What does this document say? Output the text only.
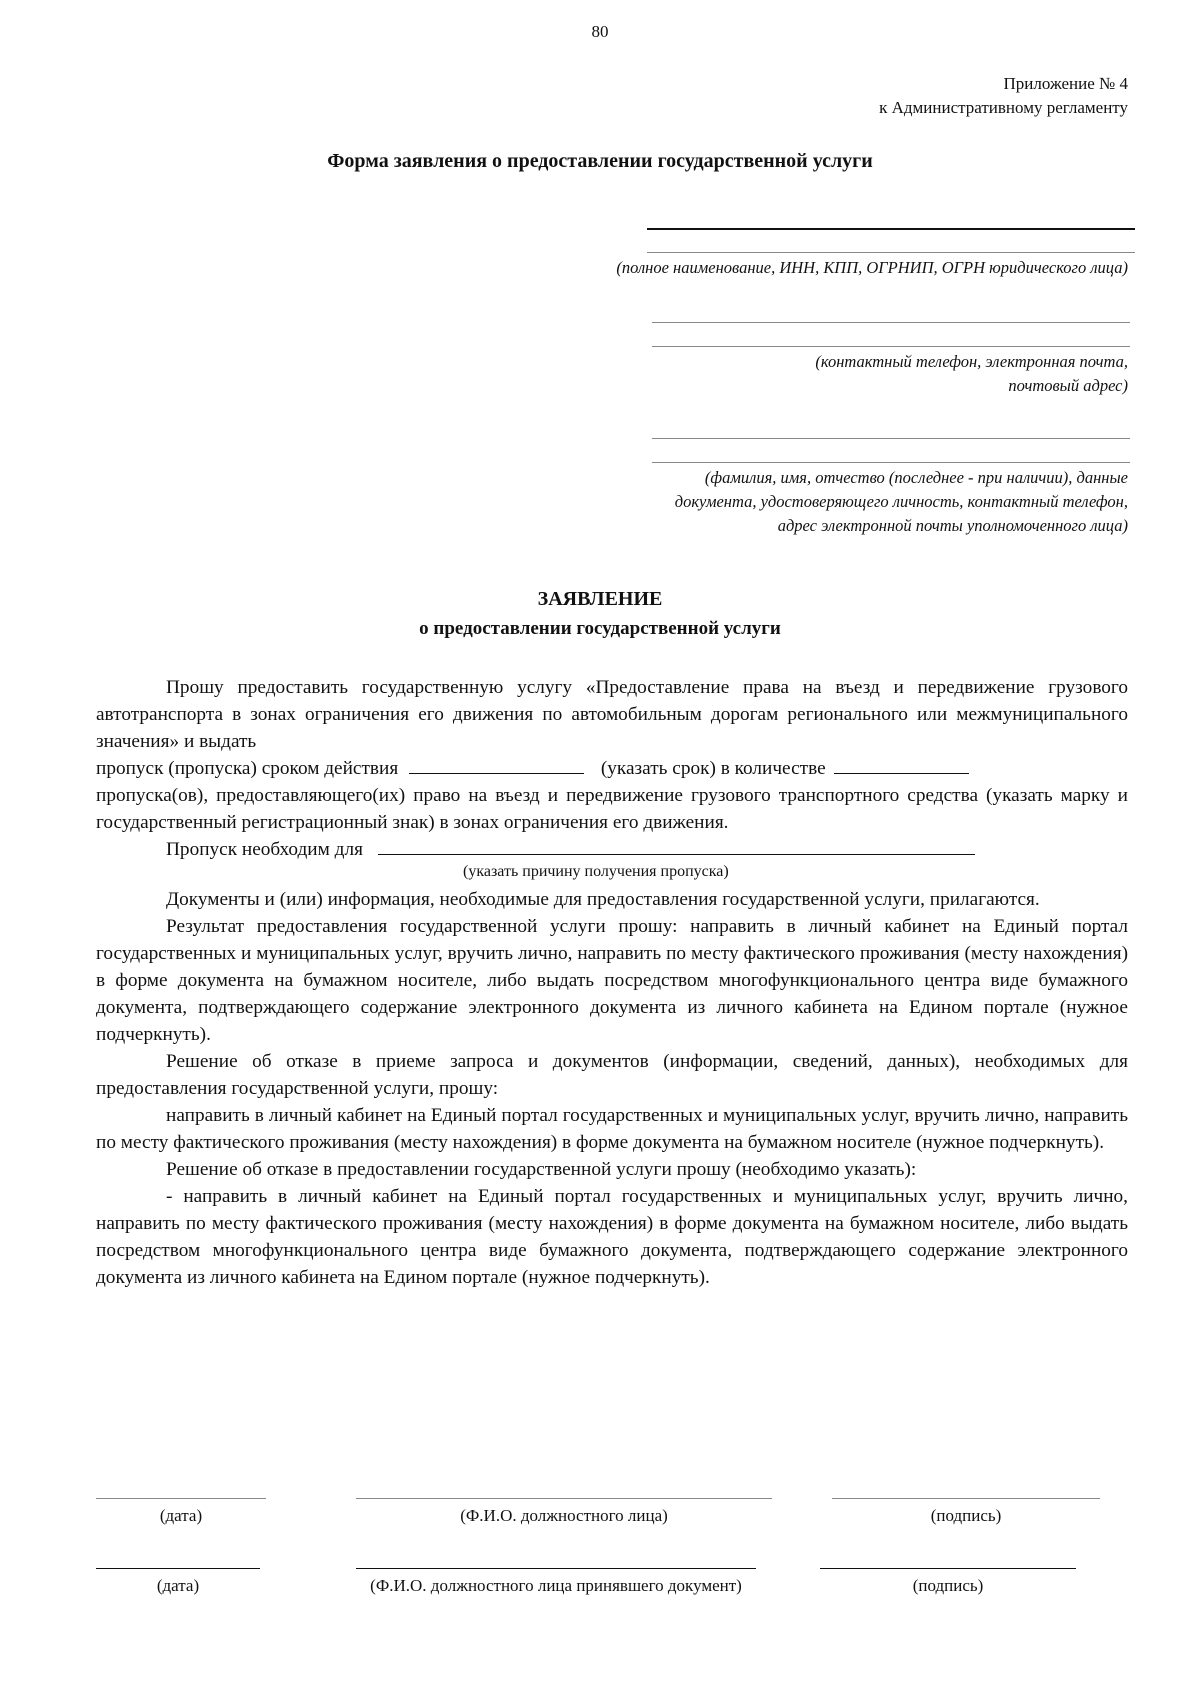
80
Приложение № 4
к Административному регламенту
Форма заявления о предоставлении государственной услуги
(полное наименование, ИНН, КПП, ОГРНИП, ОГРН юридического лица)
(контактный телефон, электронная почта,
почтовый адрес)
(фамилия, имя, отчество (последнее - при наличии), данные
документа, удостоверяющего личность, контактный телефон,
адрес электронной почты уполномоченного лица)
ЗАЯВЛЕНИЕ
о предоставлении государственной услуги

Прошу предоставить государственную услугу «Предоставление права на въезд и передвижение грузового автотранспорта в зонах ограничения его движения по автомобильным дорогам регионального или межмуниципального значения» и выдать

пропуск (пропуска) сроком действия	(указать срок) в количестве

пропуска(ов), предоставляющего(их) право на въезд и передвижение грузового транспортного средства (указать марку и государственный регистрационный знак) в зонах ограничения его движения.

Пропуск необходим для

(указать причину получения пропуска)

Документы и (или) информация, необходимые для предоставления государственной услуги, прилагаются.

Результат предоставления государственной услуги прошу: направить в личный кабинет на Единый портал государственных и муниципальных услуг, вручить лично, направить по месту фактического проживания (месту нахождения) в форме документа на бумажном носителе, либо выдать посредством многофункционального центра виде бумажного документа, подтверждающего содержание электронного документа из личного кабинета на Едином портале (нужное подчеркнуть).

Решение об отказе в приеме запроса и документов (информации, сведений, данных), необходимых для предоставления государственной услуги, прошу:

направить в личный кабинет на Единый портал государственных и муниципальных услуг, вручить лично, направить по месту фактического проживания (месту нахождения) в форме документа на бумажном носителе (нужное подчеркнуть).

Решение об отказе в предоставлении государственной услуги прошу (необходимо указать):

- направить в личный кабинет на Единый портал государственных и муниципальных услуг, вручить лично, направить по месту фактического проживания (месту нахождения) в форме документа на бумажном носителе, либо выдать посредством многофункционального центра виде бумажного документа, подтверждающего содержание электронного документа из личного кабинета на Едином портале (нужное подчеркнуть).

(дата)	(Ф.И.О. должностного лица)	(подпись)
(дата)	(Ф.И.О. должностного лица принявшего документ)	(подпись)
